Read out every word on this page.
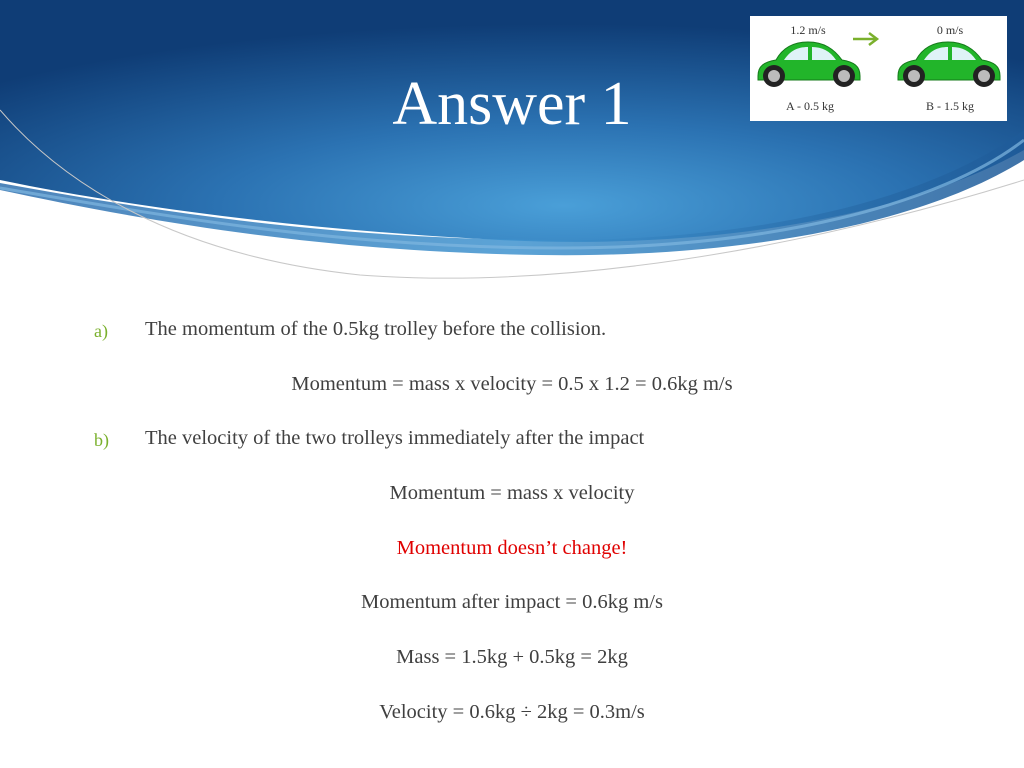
Answer 1
1.2 m/s	0 m/s
A - 0.5 kg	B - 1.5 kg
a) The momentum of the 0.5kg trolley before the collision.
Momentum = mass x velocity = 0.5 x 1.2 = 0.6kg m/s
b) The velocity of the two trolleys immediately after the impact
Momentum = mass x velocity
Momentum doesn’t change!
Momentum after impact = 0.6kg m/s
Mass = 1.5kg + 0.5kg = 2kg
Velocity = 0.6kg ÷ 2kg = 0.3m/s
